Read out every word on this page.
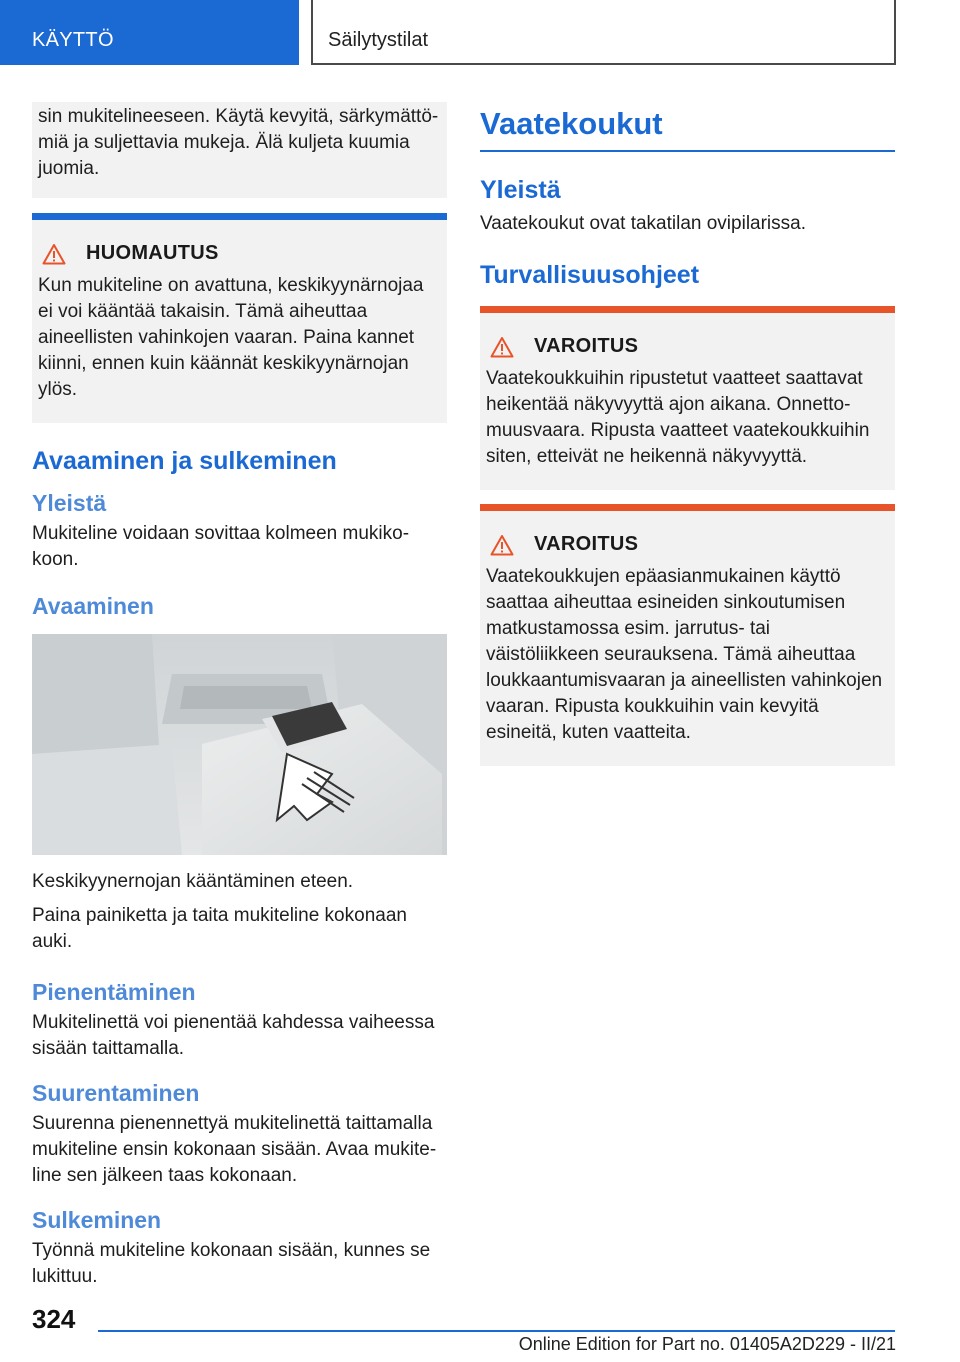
KÄYTTÖ	Säilytystilat

sin mukitelineeseen. Käytä kevyitä, särkymättömiä ja suljettavia mukeja. Älä kuljeta kuumia juomia.

HUOMAUTUS

Kun mukiteline on avattuna, keskikyynärnojaa ei voi kääntää takaisin. Tämä aiheuttaa aineellisten vahinkojen vaaran. Paina kannet kiinni, ennen kuin käännät keskikyynärnojan ylös.

Avaaminen ja sulkeminen
Yleistä

Mukiteline voidaan sovittaa kolmeen mukikokoon.

Avaaminen

Keskikyynernojan kääntäminen eteen.

Paina painiketta ja taita mukiteline kokonaan auki.

Pienentäminen

Mukitelinettä voi pienentää kahdessa vaiheessa sisään taittamalla.

Suurentaminen

Suurenna pienennettyä mukitelinettä taittamalla mukiteline ensin kokonaan sisään. Avaa mukiteline sen jälkeen taas kokonaan.

Sulkeminen

Työnnä mukiteline kokonaan sisään, kunnes se lukittuu.

Vaatekoukut
Yleistä

Vaatekoukut ovat takatilan ovipilarissa.

Turvallisuusohjeet
VAROITUS

Vaatekoukkuihin ripustetut vaatteet saattavat heikentää näkyvyyttä ajon aikana. Onnettomuusvaara. Ripusta vaatteet vaatekoukkuihin siten, etteivät ne heikennä näkyvyyttä.

VAROITUS

Vaatekoukkujen epäasianmukainen käyttö saattaa aiheuttaa esineiden sinkoutumisen matkustamossa esim. jarrutus- tai väistöliikkeen seurauksena. Tämä aiheuttaa loukkaantumisvaaran ja aineellisten vahinkojen vaaran. Ripusta koukkuihin vain kevyitä esineitä, kuten vaatteita.

324
Online Edition for Part no. 01405A2D229 - II/21
